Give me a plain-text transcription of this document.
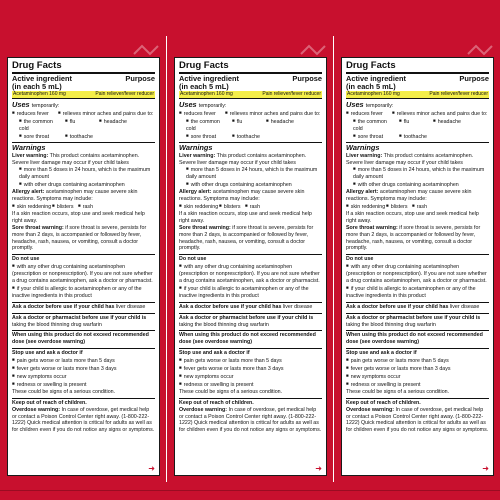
Drug Facts
Active ingredient	Purpose
(in each 5 mL)
Acetaminophen 160 mg	Pain reliever/fever reducer
Uses temporarily:
■ reduces fever	■ relieves minor aches and pains due to:
■ the common cold
■ flu	■ headache
■ sore throat	■ toothache
Warnings
Liver warning: This product contains acetaminophen. Severe liver damage may occur if your child takes
■ more than 5 doses in 24 hours, which is the maximum daily amount
■ with other drugs containing acetaminophen
Allergy alert: acetaminophen may cause severe skin reactions. Symptoms may include:
■ skin reddening	■ blisters	■ rash
If a skin reaction occurs, stop use and seek medical help right away.
Sore throat warning: if sore throat is severe, persists for more than 2 days, is accompanied or followed by fever, headache, rash, nausea, or vomiting, consult a doctor promptly.
Do not use
■ with any other drug containing acetaminophen (prescription or nonprescription). If you are not sure whether a drug contains acetaminophen, ask a doctor or pharmacist.
■ if your child is allergic to acetaminophen or any of the inactive ingredients in this product
Ask a doctor before use if your child has liver disease
Ask a doctor or pharmacist before use if your child is taking the blood thinning drug warfarin
When using this product do not exceed recommended dose (see overdose warning)
Stop use and ask a doctor if
■ pain gets worse or lasts more than 5 days
■ fever gets worse or lasts more than 3 days
■ new symptoms occur
■ redness or swelling is present
These could be signs of a serious condition.
Keep out of reach of children.
Overdose warning: In case of overdose, get medical help or contact a Poison Control Center right away. (1-800-222-1222) Quick medical attention is critical for adults as well as for children even if you do not notice any signs or symptoms.
➜
Drug Facts
Active ingredient	Purpose
(in each 5 mL)
Acetaminophen 160 mg	Pain reliever/fever reducer
Uses temporarily:
■ reduces fever	■ relieves minor aches and pains due to:
■ the common cold
■ flu	■ headache
■ sore throat	■ toothache
Warnings
Liver warning: This product contains acetaminophen. Severe liver damage may occur if your child takes
■ more than 5 doses in 24 hours, which is the maximum daily amount
■ with other drugs containing acetaminophen
Allergy alert: acetaminophen may cause severe skin reactions. Symptoms may include:
■ skin reddening	■ blisters	■ rash
If a skin reaction occurs, stop use and seek medical help right away.
Sore throat warning: if sore throat is severe, persists for more than 2 days, is accompanied or followed by fever, headache, rash, nausea, or vomiting, consult a doctor promptly.
Do not use
■ with any other drug containing acetaminophen (prescription or nonprescription). If you are not sure whether a drug contains acetaminophen, ask a doctor or pharmacist.
■ if your child is allergic to acetaminophen or any of the inactive ingredients in this product
Ask a doctor before use if your child has liver disease
Ask a doctor or pharmacist before use if your child is taking the blood thinning drug warfarin
When using this product do not exceed recommended dose (see overdose warning)
Stop use and ask a doctor if
■ pain gets worse or lasts more than 5 days
■ fever gets worse or lasts more than 3 days
■ new symptoms occur
■ redness or swelling is present
These could be signs of a serious condition.
Keep out of reach of children.
Overdose warning: In case of overdose, get medical help or contact a Poison Control Center right away. (1-800-222-1222) Quick medical attention is critical for adults as well as for children even if you do not notice any signs or symptoms.
➜
Drug Facts
Active ingredient	Purpose
(in each 5 mL)
Acetaminophen 160 mg	Pain reliever/fever reducer
Uses temporarily:
■ reduces fever	■ relieves minor aches and pains due to:
■ the common cold
■ flu	■ headache
■ sore throat	■ toothache
Warnings
Liver warning: This product contains acetaminophen. Severe liver damage may occur if your child takes
■ more than 5 doses in 24 hours, which is the maximum daily amount
■ with other drugs containing acetaminophen
Allergy alert: acetaminophen may cause severe skin reactions. Symptoms may include:
■ skin reddening	■ blisters	■ rash
If a skin reaction occurs, stop use and seek medical help right away.
Sore throat warning: if sore throat is severe, persists for more than 2 days, is accompanied or followed by fever, headache, rash, nausea, or vomiting, consult a doctor promptly.
Do not use
■ with any other drug containing acetaminophen (prescription or nonprescription). If you are not sure whether a drug contains acetaminophen, ask a doctor or pharmacist.
■ if your child is allergic to acetaminophen or any of the inactive ingredients in this product
Ask a doctor before use if your child has liver disease
Ask a doctor or pharmacist before use if your child is taking the blood thinning drug warfarin
When using this product do not exceed recommended dose (see overdose warning)
Stop use and ask a doctor if
■ pain gets worse or lasts more than 5 days
■ fever gets worse or lasts more than 3 days
■ new symptoms occur
■ redness or swelling is present
These could be signs of a serious condition.
Keep out of reach of children.
Overdose warning: In case of overdose, get medical help or contact a Poison Control Center right away. (1-800-222-1222) Quick medical attention is critical for adults as well as for children even if you do not notice any signs or symptoms.
➜
